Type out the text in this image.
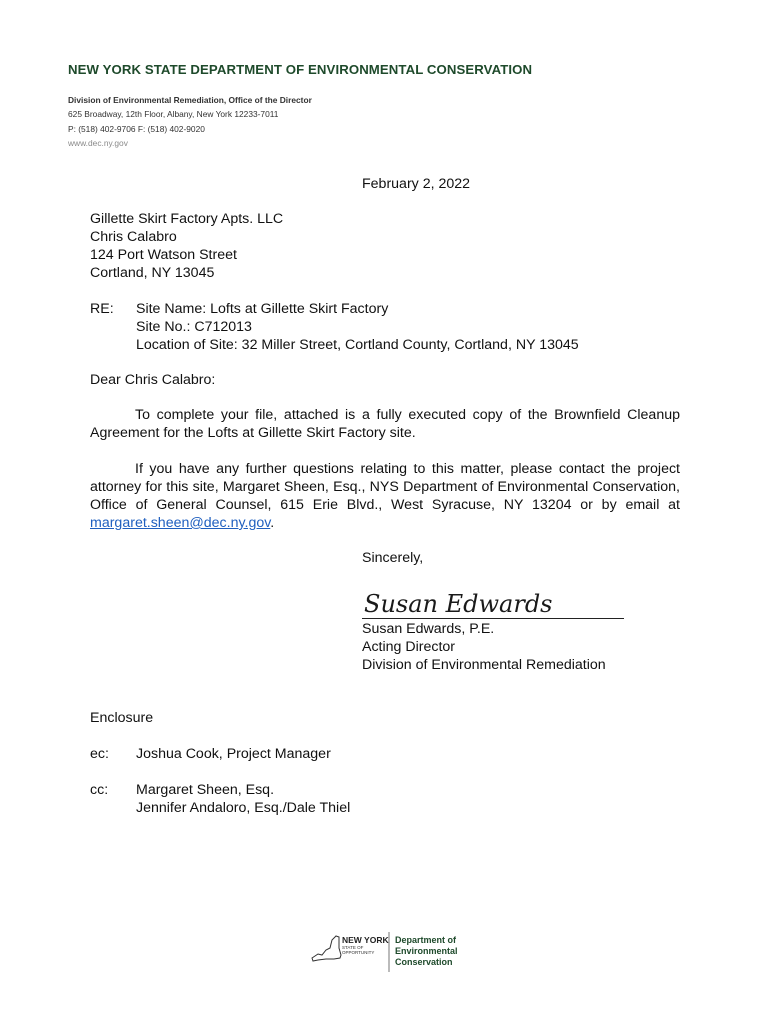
NEW YORK STATE DEPARTMENT OF ENVIRONMENTAL CONSERVATION
Division of Environmental Remediation, Office of the Director
625 Broadway, 12th Floor, Albany, New York 12233-7011
P: (518) 402-9706 F: (518) 402-9020
www.dec.ny.gov
February 2, 2022
Gillette Skirt Factory Apts. LLC
Chris Calabro
124 Port Watson Street
Cortland, NY 13045
RE: Site Name: Lofts at Gillette Skirt Factory
Site No.: C712013
Location of Site: 32 Miller Street, Cortland County, Cortland, NY 13045
Dear Chris Calabro:
To complete your file, attached is a fully executed copy of the Brownfield Cleanup Agreement for the Lofts at Gillette Skirt Factory site.
If you have any further questions relating to this matter, please contact the project attorney for this site, Margaret Sheen, Esq., NYS Department of Environmental Conservation, Office of General Counsel, 615 Erie Blvd., West Syracuse, NY 13204 or by email at margaret.sheen@dec.ny.gov.
Sincerely,
Susan Edwards
Susan Edwards, P.E.
Acting Director
Division of Environmental Remediation
Enclosure
ec: Joshua Cook, Project Manager
cc: Margaret Sheen, Esq.
Jennifer Andaloro, Esq./Dale Thiel
NEW YORK
STATE OF
OPPORTUNITY
Department of
Environmental
Conservation
